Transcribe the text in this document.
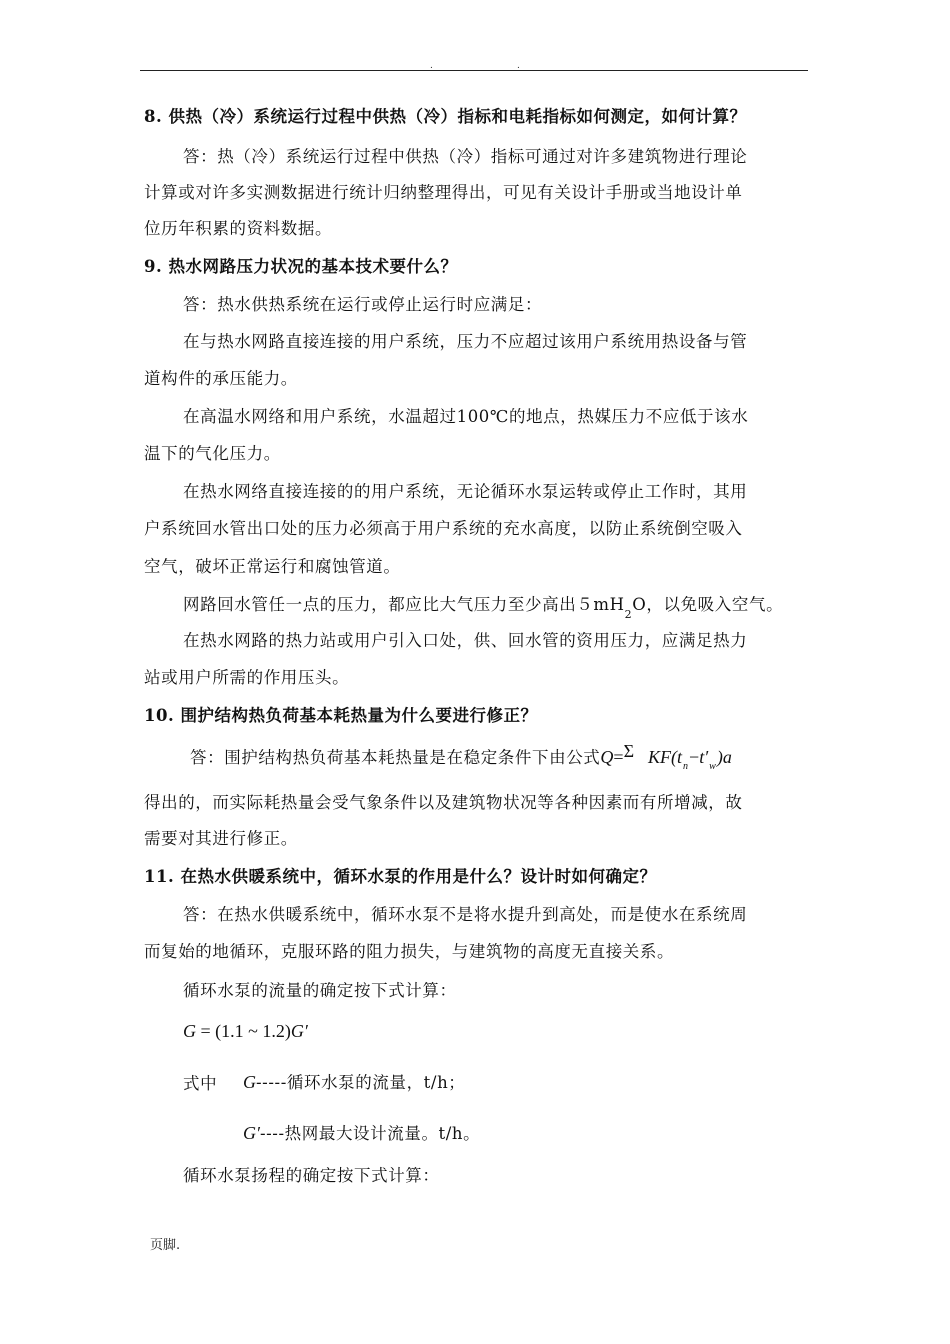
.	.
8. 供热（冷）系统运行过程中供热（冷）指标和电耗指标如何测定，如何计算？
答：热（冷）系统运行过程中供热（冷）指标可通过对许多建筑物进行理论
计算或对许多实测数据进行统计归纳整理得出，可见有关设计手册或当地设计单
位历年积累的资料数据。
9. 热水网路压力状况的基本技术要什么？
答：热水供热系统在运行或停止运行时应满足：
在与热水网路直接连接的用户系统，压力不应超过该用户系统用热设备与管
道构件的承压能力。
在高温水网络和用户系统，水温超过100℃的地点，热媒压力不应低于该水
温下的气化压力。
在热水网络直接连接的的用户系统，无论循环水泵运转或停止工作时，其用
户系统回水管出口处的压力必须高于用户系统的充水高度，以防止系统倒空吸入
空气，破坏正常运行和腐蚀管道。
网路回水管任一点的压力，都应比大气压力至少高出$5mH_2O$，以免吸入空气。
在热水网路的热力站或用户引入口处，供、回水管的资用压力，应满足热力
站或用户所需的作用压头。
10. 围护结构热负荷基本耗热量为什么要进行修正？
答：围护结构热负荷基本耗热量是在稳定条件下由公式Q=Σ $KF(t_n-t'_w)a$
得出的，而实际耗热量会受气象条件以及建筑物状况等各种因素而有所增减，故
需要对其进行修正。
11. 在热水供暖系统中，循环水泵的作用是什么？设计时如何确定？
答：在热水供暖系统中，循环水泵不是将水提升到高处，而是使水在系统周
而复始的地循环，克服环路的阻力损失，与建筑物的高度无直接关系。
循环水泵的流量的确定按下式计算：
G = (1.1 ~ 1.2)G′
式中 G-----循环水泵的流量，t/h；
G′----热网最大设计流量。t/h。
循环水泵扬程的确定按下式计算：
页脚.
